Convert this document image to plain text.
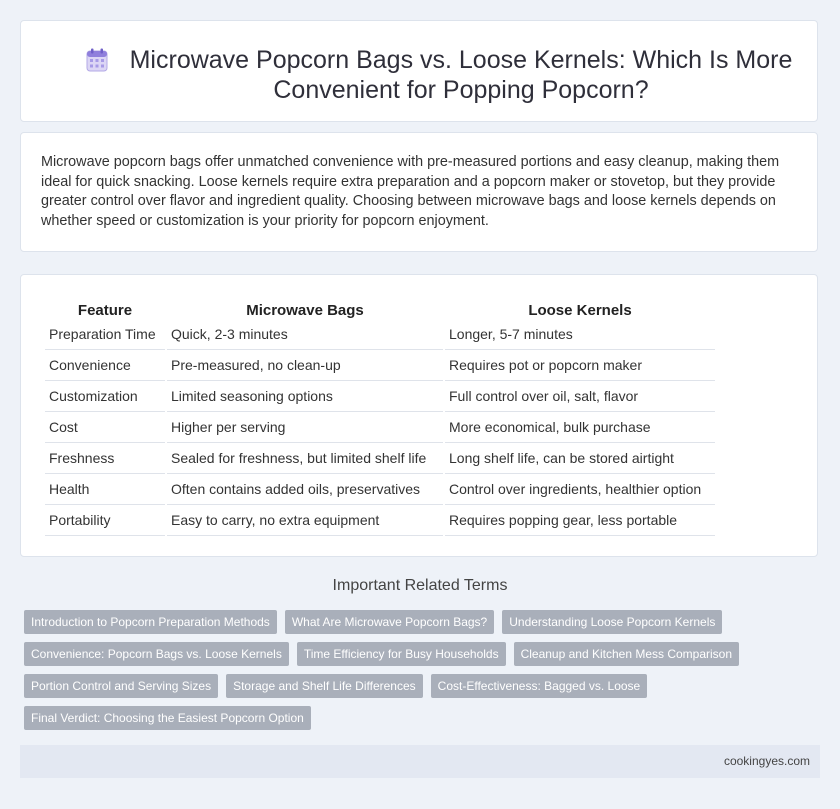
Microwave Popcorn Bags vs. Loose Kernels: Which Is More Convenient for Popping Popcorn?

Microwave popcorn bags offer unmatched convenience with pre-measured portions and easy cleanup, making them ideal for quick snacking. Loose kernels require extra preparation and a popcorn maker or stovetop, but they provide greater control over flavor and ingredient quality. Choosing between microwave bags and loose kernels depends on whether speed or customization is your priority for popcorn enjoyment.

Feature	Microwave Bags	Loose Kernels
Preparation Time	Quick, 2-3 minutes	Longer, 5-7 minutes
Convenience	Pre-measured, no clean-up	Requires pot or popcorn maker
Customization	Limited seasoning options	Full control over oil, salt, flavor
Cost	Higher per serving	More economical, bulk purchase
Freshness	Sealed for freshness, but limited shelf life	Long shelf life, can be stored airtight
Health	Often contains added oils, preservatives	Control over ingredients, healthier option
Portability	Easy to carry, no extra equipment	Requires popping gear, less portable
Important Related Terms
Introduction to Popcorn Preparation Methods	What Are Microwave Popcorn Bags?	Understanding Loose Popcorn Kernels
Convenience: Popcorn Bags vs. Loose Kernels	Time Efficiency for Busy Households	Cleanup and Kitchen Mess Comparison
Portion Control and Serving Sizes	Storage and Shelf Life Differences	Cost-Effectiveness: Bagged vs. Loose
Final Verdict: Choosing the Easiest Popcorn Option
cookingyes.com
